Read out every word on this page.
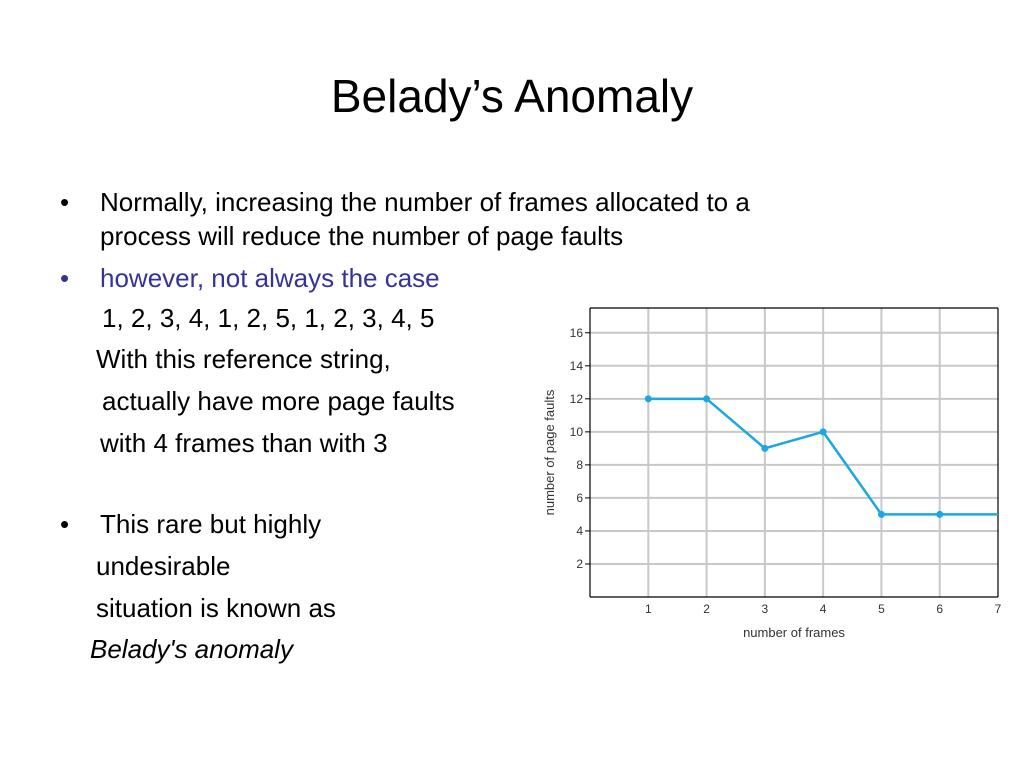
Belady’s Anomaly
• Normally, increasing the number of frames allocated to a
process will reduce the number of page faults
• however, not always the case
1, 2, 3, 4, 1, 2, 5, 1, 2, 3, 4, 5
With this reference string,
actually have more page faults
with 4 frames than with 3
• This rare but highly
undesirable
situation is known as
Belady's anomaly
2
4
6
8
10
12
14
16
1	2	3	4	5	6	7
number of frames
number of page faults
